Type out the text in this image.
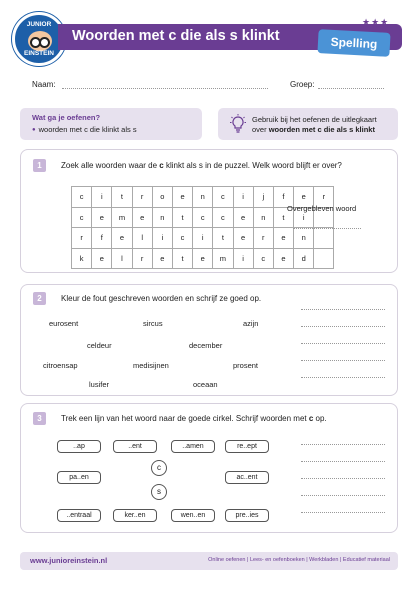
JUNIOR
EINSTEIN
Woorden met c die als s klinkt
★★★
Spelling
Naam:	Groep:
Wat ga je oefenen?
● woorden met c die klinkt als s
Gebruik bij het oefenen de uitlegkaart
over woorden met c die als s klinkt
1	Zoek alle woorden waar de c klinkt als s in de puzzel. Welk woord blijft er over?
c	i	t	r	o	e	n	c	i	j	f	e	r
c	e	m	e	n	t	c	c	e	n	t	i	
r	f	e	l	i	c	i	t	e	r	e	n	
k	e	l	r	e	t	e	m	i	c	e	d	
Overgebleven woord
2	Kleur de fout geschreven woorden en schrijf ze goed op.
eurosent	sircus	azijn
celdeur	december
citroensap	medisijnen	prosent
lusifer	oceaan
3	Trek een lijn van het woord naar de goede cirkel. Schrijf woorden met c op.
..ap	..ent	..amen	re..ept
pa..en	ac..ent
..entraal	ker..en	wen..en	pre..ies
c
s
www.junioreinstein.nl	Online oefenen | Lees- en oefenboeken | Werkbladen | Educatief materiaal
